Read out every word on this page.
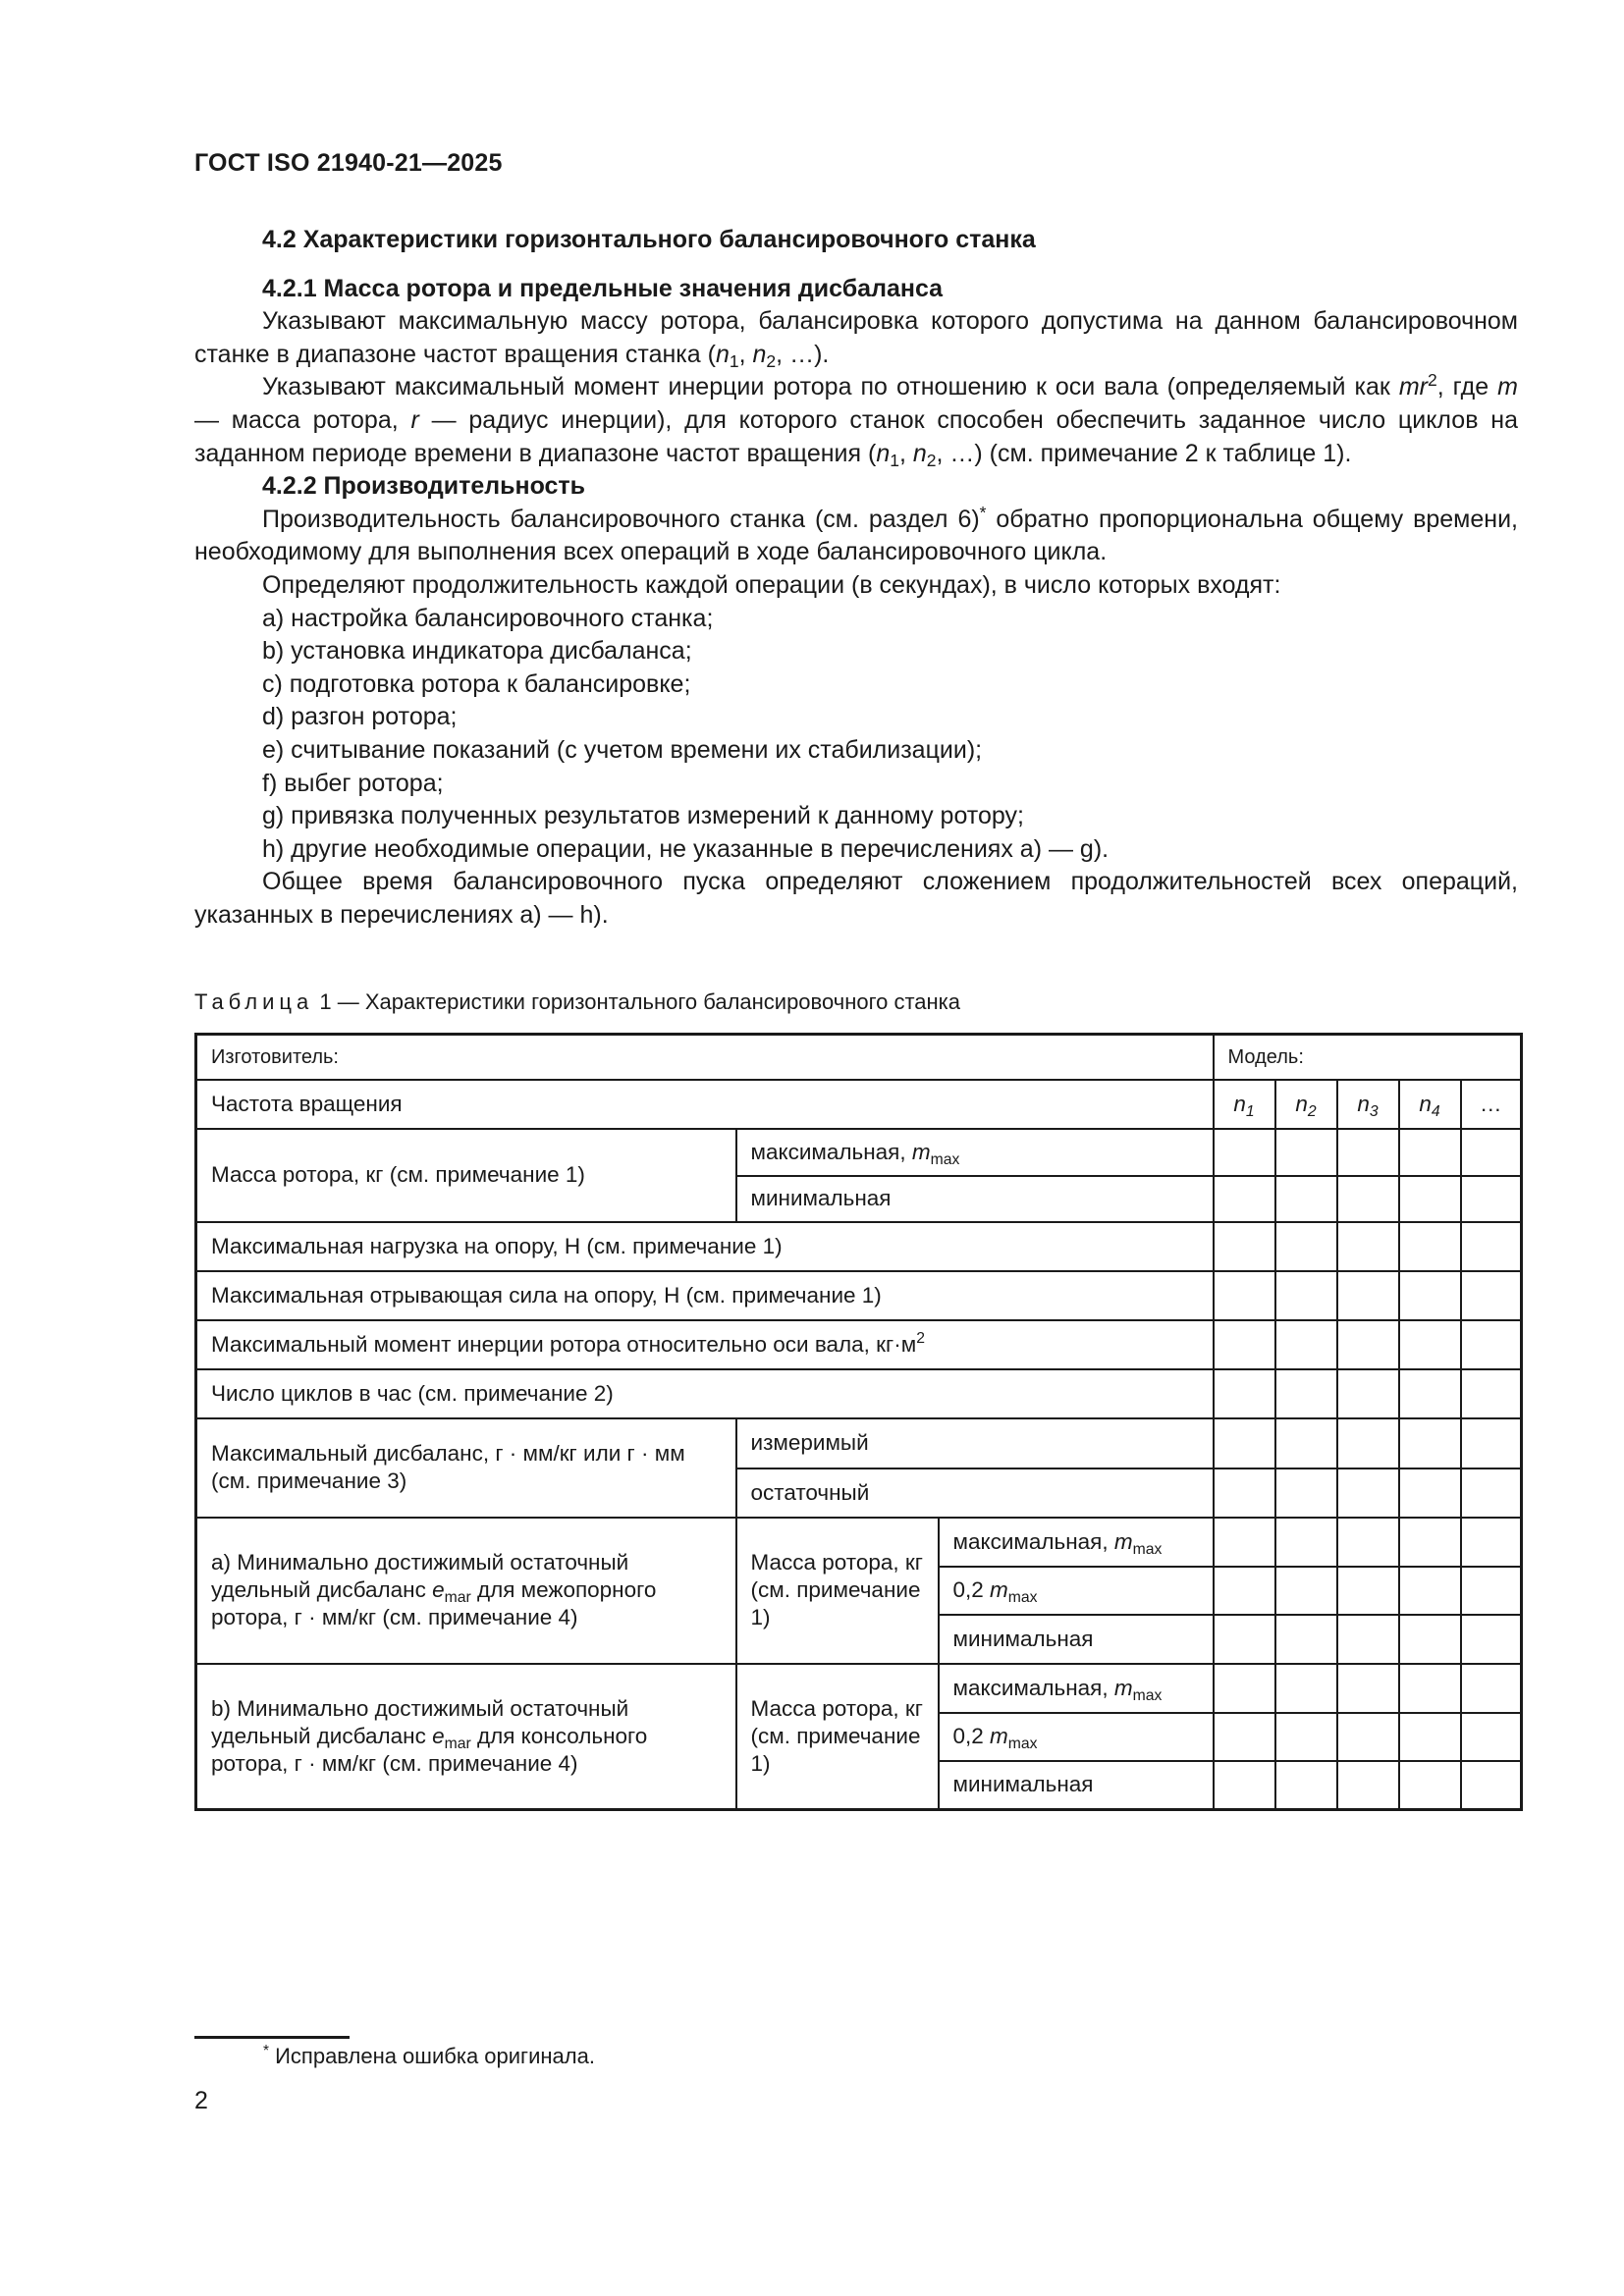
ГОСТ ISO 21940-21—2025

4.2 Характеристики горизонтального балансировочного станка

4.2.1 Масса ротора и предельные значения дисбаланса

Указывают максимальную массу ротора, балансировка которого допустима на данном балансировочном станке в диапазоне частот вращения станка ($n_1$, $n_2$, …).

Указывают максимальный момент инерции ротора по отношению к оси вала (определяемый как $mr^2$, где m — масса ротора, r — радиус инерции), для которого станок способен обеспечить заданное число циклов на заданном периоде времени в диапазоне частот вращения ($n_1$, $n_2$, …) (см. примечание 2 к таблице 1).

4.2.2 Производительность

Производительность балансировочного станка (см. раздел 6)* обратно пропорциональна общему времени, необходимому для выполнения всех операций в ходе балансировочного цикла.

Определяют продолжительность каждой операции (в секундах), в число которых входят:

a) настройка балансировочного станка;

b) установка индикатора дисбаланса;

c) подготовка ротора к балансировке;

d) разгон ротора;

e) считывание показаний (с учетом времени их стабилизации);

f) выбег ротора;

g) привязка полученных результатов измерений к данному ротору;

h) другие необходимые операции, не указанные в перечислениях a) — g).

Общее время балансировочного пуска определяют сложением продолжительностей всех операций, указанных в перечислениях a) — h).

Таблица 1 — Характеристики горизонтального балансировочного станка
Изготовитель:			Модель:				
Частота вращения			$n_1$	$n_2$	$n_3$	$n_4$	…
Масса ротора, кг (см. примечание 1)	максимальная, $m_{max}$					
	минимальная						
Максимальная нагрузка на опору, Н (см. примечание 1)							
Максимальная отрывающая сила на опору, Н (см. примечание 1)							
Максимальный момент инерции ротора относительно оси вала, $кг\cdot м^2$					
Число циклов в час (см. примечание 2)							
Максимальный дисбаланс, г · мм/кг или г · мм (см. примечание 3)	измеримый						
	остаточный						
a) Минимально достижимый остаточный удельный дисбаланс $e_{mar}$ для межопорного ротора, г · мм/кг (см. примечание 4)	Масса ротора, кг (см. примечание 1)	максимальная, $m_{max}$					
		0,2 $m_{max}$					
		минимальная					
b) Минимально достижимый остаточный удельный дисбаланс $e_{mar}$ для консольного ротора, г · мм/кг (см. примечание 4)	Масса ротора, кг (см. примечание 1)	максимальная, $m_{max}$					
		0,2 $m_{max}$					
		минимальная					
* Исправлена ошибка оригинала.
2
